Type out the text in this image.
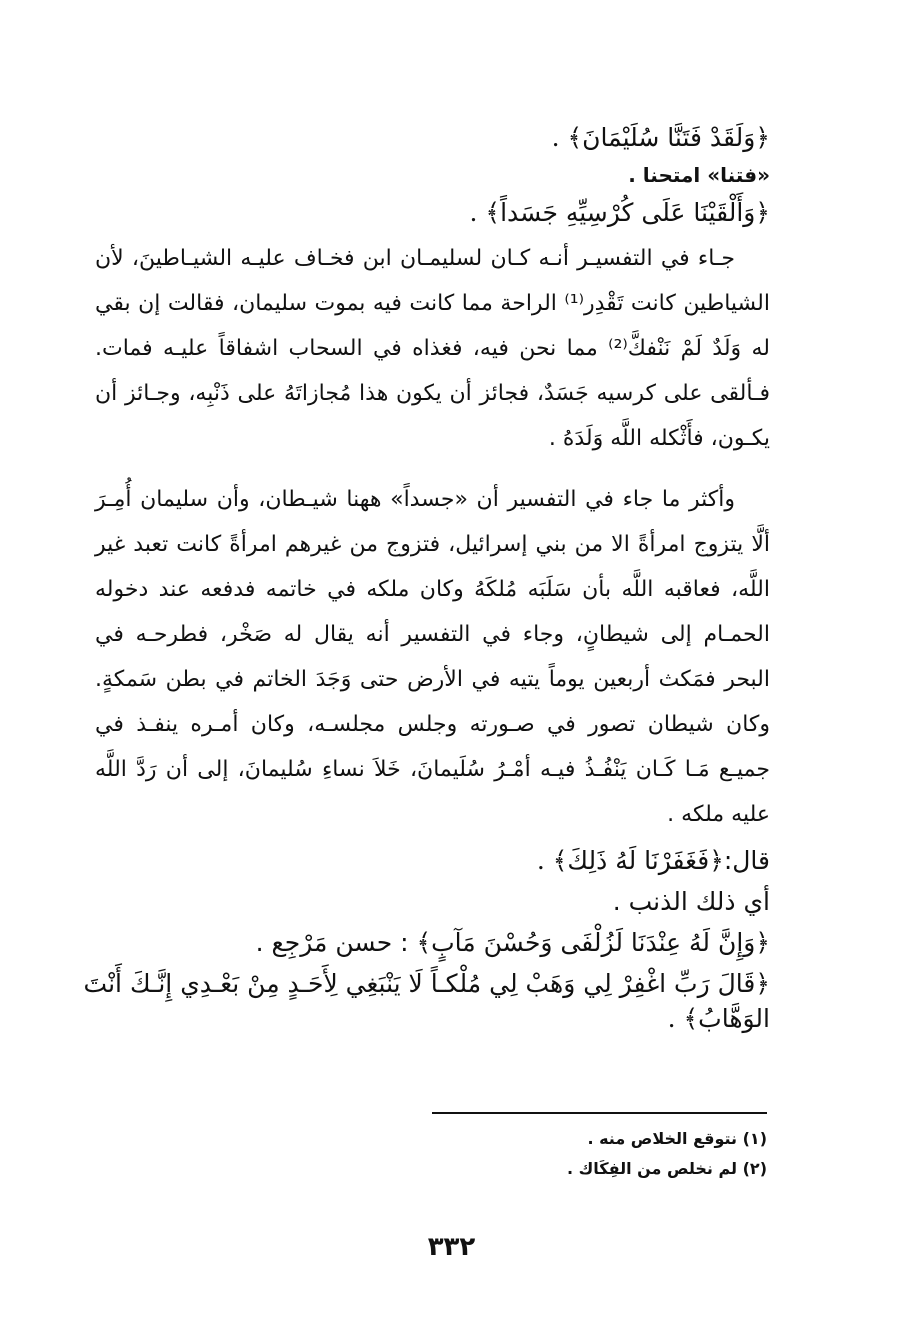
﴿وَلَقَدْ فَتَنَّا سُلَيْمَانَ﴾ .
«فتنا» امتحنا .
﴿وَأَلْقَيْنَا عَلَى كُرْسِيِّهِ جَسَداً﴾ .

جـاء في التفسيـر أنـه كـان لسليمـان ابن فخـاف عليـه الشيـاطينَ، لأن الشياطين كانت تَقْدِر⁽¹⁾ الراحة مما كانت فيه بموت سليمان، فقالت إن بقي له وَلَدٌ لَمْ نَنْفكَّ⁽²⁾ مما نحن فيه، فغذاه في السحاب اشفاقاً عليـه فمات. فـألقى على كرسيه جَسَدٌ، فجائز أن يكون هذا مُجازاتَهُ على ذَنْبِه، وجـائز أن يكـون، فأَثْكله اللَّه وَلَدَهُ .

وأكثر ما جاء في التفسير أن «جسداً» ههنا شيـطان، وأن سليمان أُمِـرَ ألَّا يتزوج امرأةً الا من بني إسرائيل، فتزوج من غيرهم امرأةً كانت تعبد غير اللَّه، فعاقبه اللَّه بأن سَلَبَه مُلكَهُ وكان ملكه في خاتمه فدفعه عند دخوله الحمـام إلى شيطانٍ، وجاء في التفسير أنه يقال له صَخْر، فطرحـه في البحر فمَكث أربعين يوماً يتيه في الأرض حتى وَجَدَ الخاتم في بطن سَمكةٍ. وكان شيطان تصور في صـورته وجلس مجلسـه، وكان أمـره ينفـذ في جميـع مَـا كَـان يَنْفُـذُ فيـه أمْـرُ سُلَيمانَ، خَلاَ نساءِ سُليمانَ، إلى أن رَدَّ اللَّه عليه ملكه .

قال:﴿فَغَفَرْنَا لَهُ ذَلِكَ﴾ .
أي ذلك الذنب .
﴿وَإِنَّ لَهُ عِنْدَنَا لَزُلْفَى وَحُسْنَ مَآبٍ﴾ : حسن مَرْجِع .
﴿قَالَ رَبِّ اغْفِرْ لِي وَهَبْ لِي مُلْكـاً لَا يَنْبَغِي لِأَحَـدٍ مِنْ بَعْـدِي إِنَّـكَ أَنْتَ
الوَهَّابُ﴾ .
(١) نتوقع الخلاص منه .
(٢) لم نخلص من الفِكَاك .
٣٣٢
